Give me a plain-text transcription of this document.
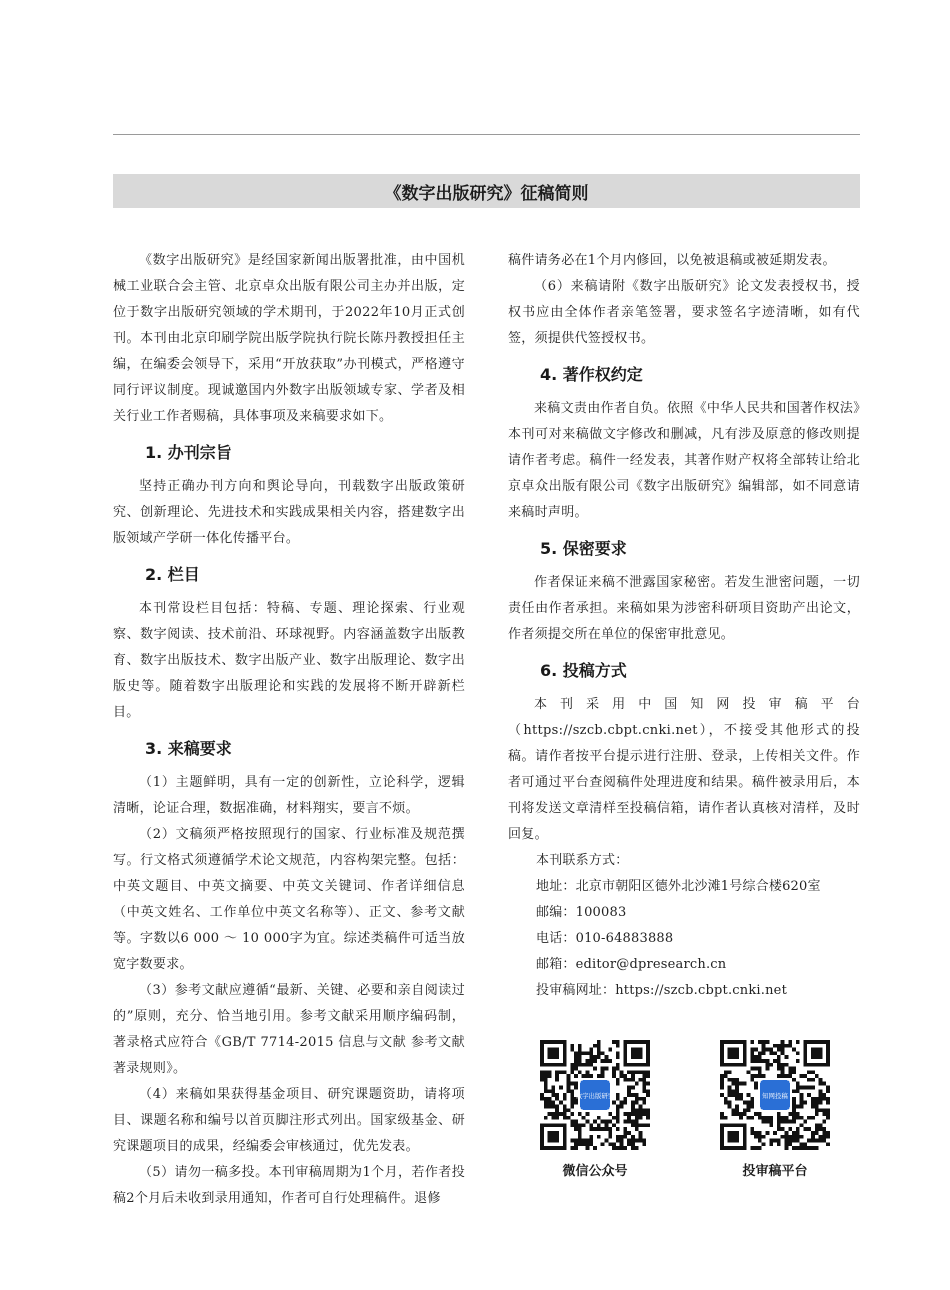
《数字出版研究》征稿简则

《数字出版研究》是经国家新闻出版署批准，由中国机械工业联合会主管、北京卓众出版有限公司主办并出版，定位于数字出版研究领域的学术期刊，于2022年10月正式创刊。本刊由北京印刷学院出版学院执行院长陈丹教授担任主编，在编委会领导下，采用“开放获取”办刊模式，严格遵守同行评议制度。现诚邀国内外数字出版领域专家、学者及相关行业工作者赐稿，具体事项及来稿要求如下。

1. 办刊宗旨

坚持正确办刊方向和舆论导向，刊载数字出版政策研究、创新理论、先进技术和实践成果相关内容，搭建数字出版领域产学研一体化传播平台。

2. 栏目

本刊常设栏目包括：特稿、专题、理论探索、行业观察、数字阅读、技术前沿、环球视野。内容涵盖数字出版教育、数字出版技术、数字出版产业、数字出版理论、数字出版史等。随着数字出版理论和实践的发展将不断开辟新栏目。

3. 来稿要求

（1）主题鲜明，具有一定的创新性，立论科学，逻辑清晰，论证合理，数据准确，材料翔实，要言不烦。

（2）文稿须严格按照现行的国家、行业标准及规范撰写。行文格式须遵循学术论文规范，内容构架完整。包括：中英文题目、中英文摘要、中英文关键词、作者详细信息（中英文姓名、工作单位中英文名称等）、正文、参考文献等。字数以6 000 ～ 10 000字为宜。综述类稿件可适当放宽字数要求。

（3）参考文献应遵循“最新、关键、必要和亲自阅读过的”原则，充分、恰当地引用。参考文献采用顺序编码制，著录格式应符合《GB/T 7714-2015 信息与文献 参考文献著录规则》。

（4）来稿如果获得基金项目、研究课题资助，请将项目、课题名称和编号以首页脚注形式列出。国家级基金、研究课题项目的成果，经编委会审核通过，优先发表。

（5）请勿一稿多投。本刊审稿周期为1个月，若作者投稿2个月后未收到录用通知，作者可自行处理稿件。退修

稿件请务必在1个月内修回，以免被退稿或被延期发表。

（6）来稿请附《数字出版研究》论文发表授权书，授权书应由全体作者亲笔签署，要求签名字迹清晰，如有代签，须提供代签授权书。

4. 著作权约定

来稿文责由作者自负。依照《中华人民共和国著作权法》本刊可对来稿做文字修改和删减，凡有涉及原意的修改则提请作者考虑。稿件一经发表，其著作财产权将全部转让给北京卓众出版有限公司《数字出版研究》编辑部，如不同意请来稿时声明。

5. 保密要求

作者保证来稿不泄露国家秘密。若发生泄密问题，一切责任由作者承担。来稿如果为涉密科研项目资助产出论文，作者须提交所在单位的保密审批意见。

6. 投稿方式

本刊采用中国知网投审稿平台（https://szcb.cbpt.cnki.net），不接受其他形式的投稿。请作者按平台提示进行注册、登录，上传相关文件。作者可通过平台查阅稿件处理进度和结果。稿件被录用后，本刊将发送文章清样至投稿信箱，请作者认真核对清样，及时回复。

本刊联系方式：
地址：北京市朝阳区德外北沙滩1号综合楼620室
邮编：100083
电话：010-64883888
邮箱：editor@dpresearch.cn
投审稿网址：https://szcb.cbpt.cnki.net
数字出版研究
微信公众号
知网投稿
投审稿平台
